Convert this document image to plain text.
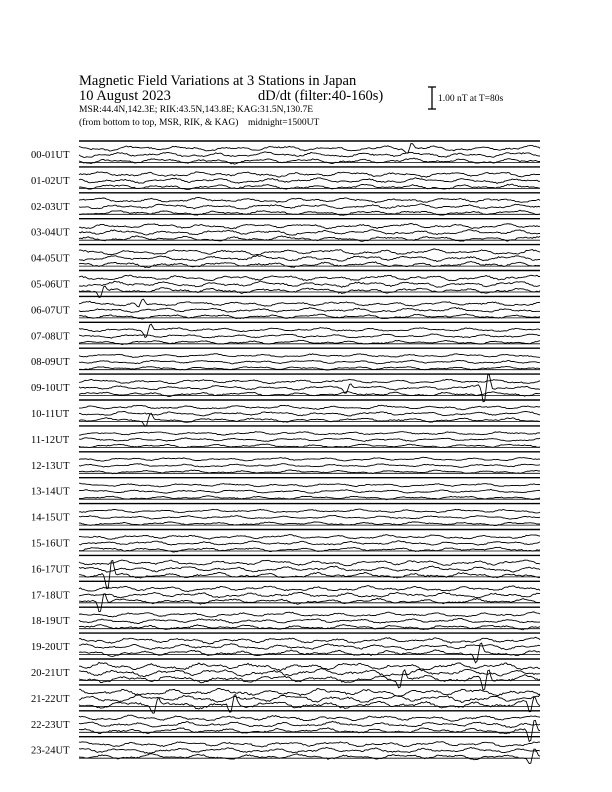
Magnetic Field Variations at 3 Stations in Japan
10 August 2023	dD/dt (filter:40-160s)
MSR:44.4N,142.3E; RIK:43.5N,143.8E; KAG:31.5N,130.7E
(from bottom to top, MSR, RIK, & KAG) midnight=1500UT
1.00 nT at T=80s
00-01UT
01-02UT
02-03UT
03-04UT
04-05UT
05-06UT
06-07UT
07-08UT
08-09UT
09-10UT
10-11UT
11-12UT
12-13UT
13-14UT
14-15UT
15-16UT
16-17UT
17-18UT
18-19UT
19-20UT
20-21UT
21-22UT
22-23UT
23-24UT
